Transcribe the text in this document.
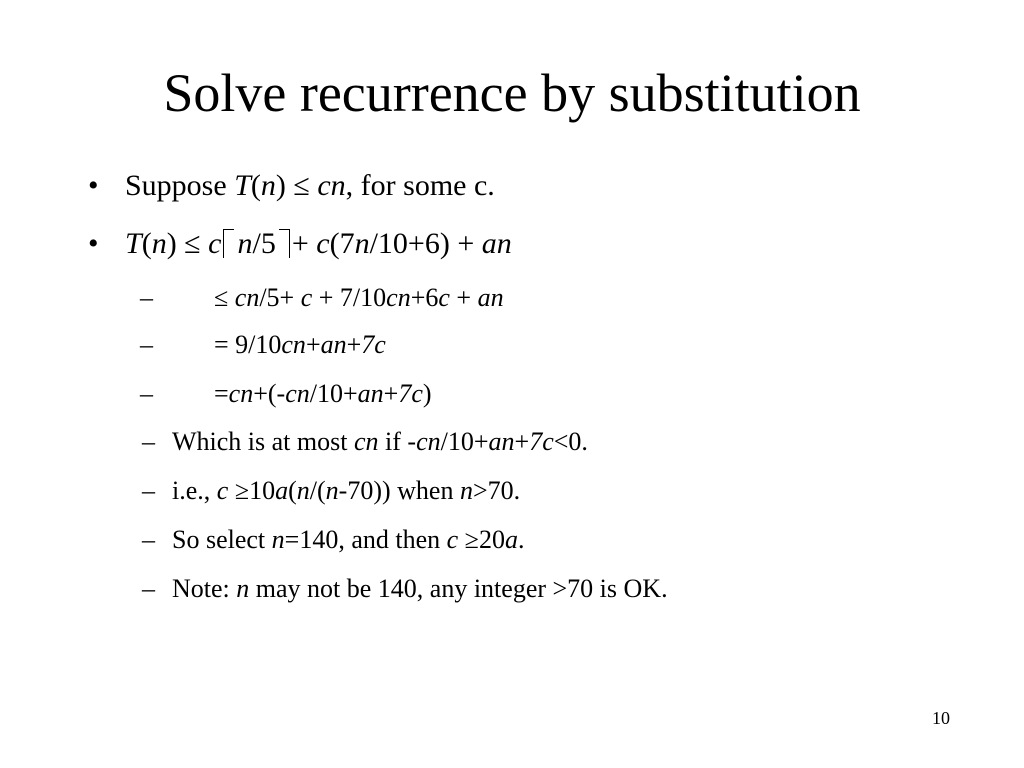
Solve recurrence by substitution
• Suppose T(n) ≤ cn, for some c.
• T(n) ≤ c n/5 + c(7n/10+6) + an
– ≤ cn/5+ c + 7/10cn+6c + an
– = 9/10cn+an+7c
– =cn+(-cn/10+an+7c)
– Which is at most cn if -cn/10+an+7c<0.
– i.e., c ≥10a(n/(n-70)) when n>70.
– So select n=140, and then c ≥20a.
– Note: n may not be 140, any integer >70 is OK.
10
